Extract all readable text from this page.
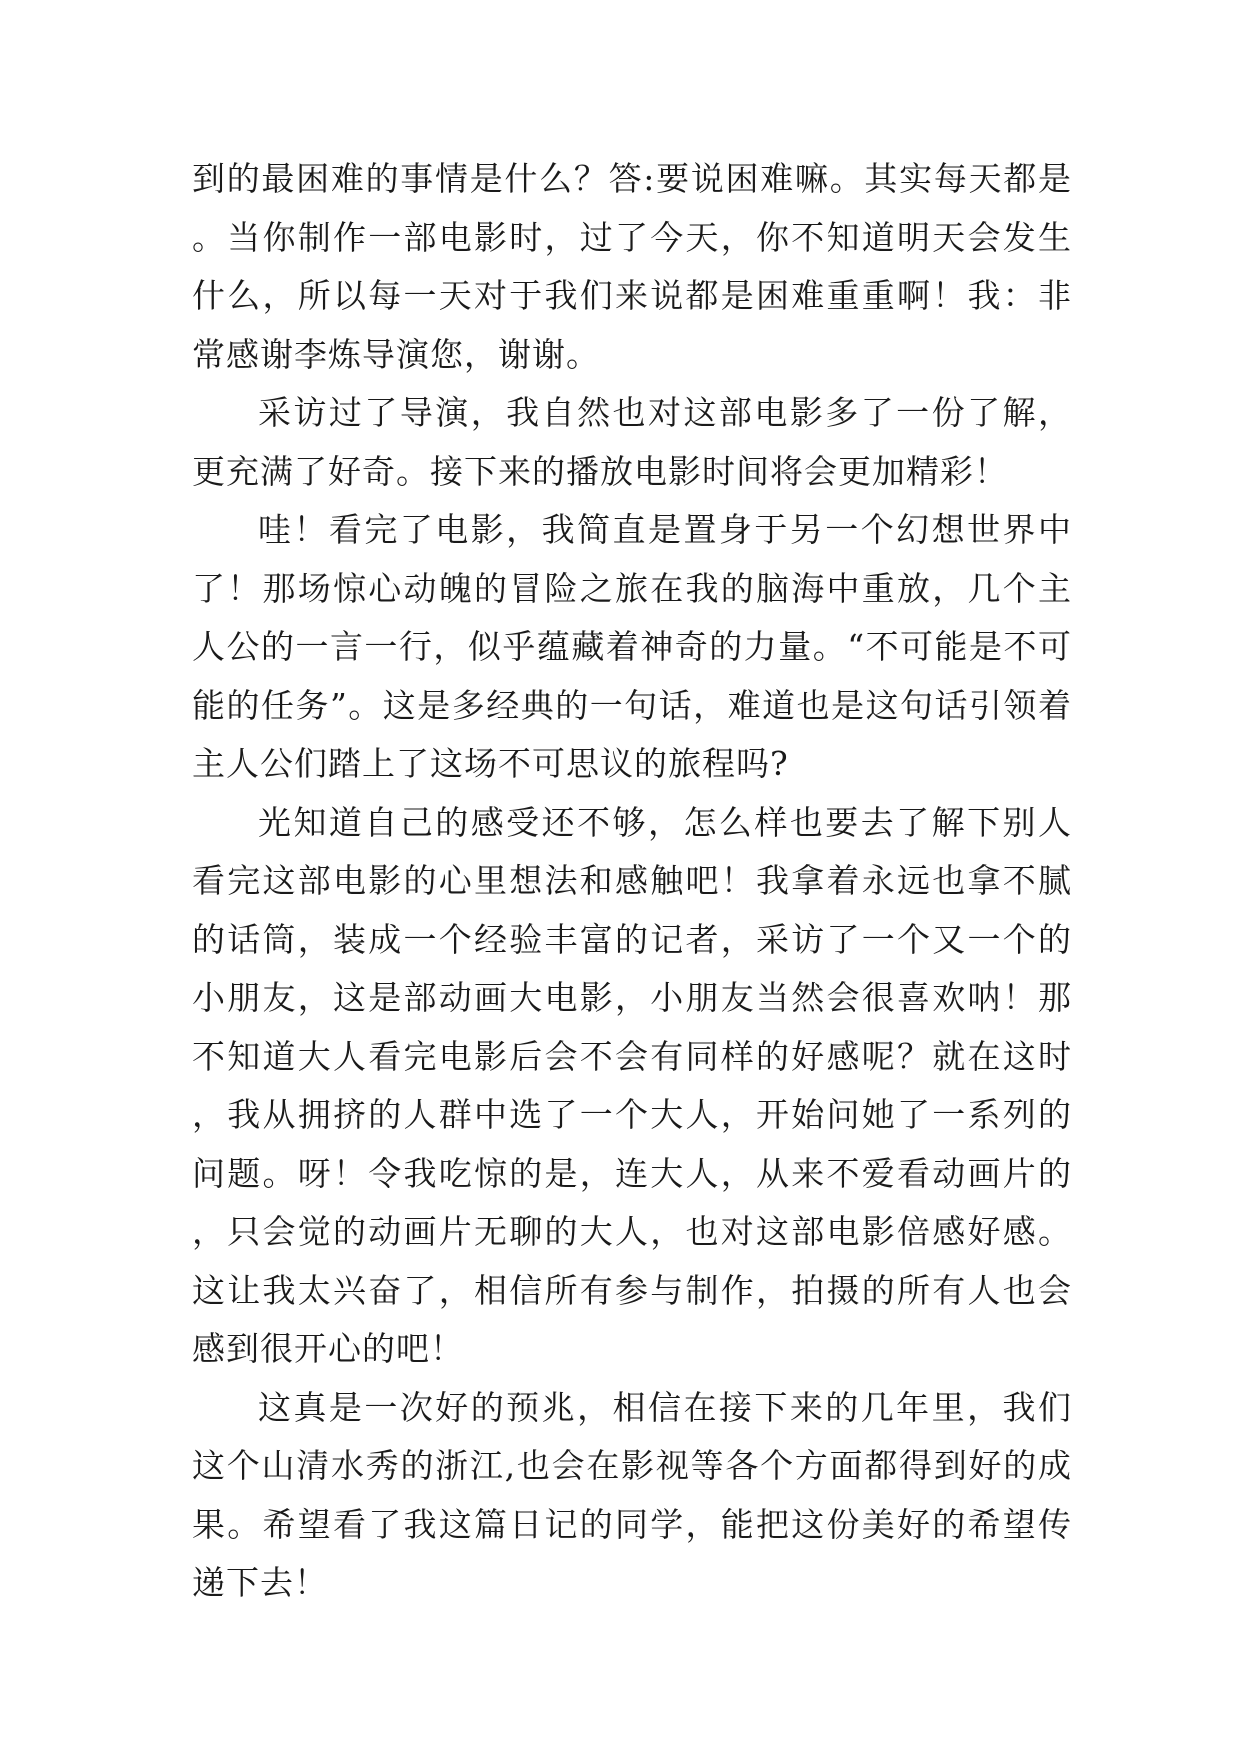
到的最困难的事情是什么？答:要说困难嘛。其实每天都是。当你制作一部电影时，过了今天，你不知道明天会发生什么，所以每一天对于我们来说都是困难重重啊！我：非常感谢李炼导演您，谢谢。

采访过了导演，我自然也对这部电影多了一份了解，更充满了好奇。接下来的播放电影时间将会更加精彩！

哇！看完了电影，我简直是置身于另一个幻想世界中了！那场惊心动魄的冒险之旅在我的脑海中重放，几个主人公的一言一行，似乎蕴藏着神奇的力量。“不可能是不可能的任务”。这是多经典的一句话，难道也是这句话引领着主人公们踏上了这场不可思议的旅程吗?

光知道自己的感受还不够，怎么样也要去了解下别人看完这部电影的心里想法和感触吧！我拿着永远也拿不腻的话筒，装成一个经验丰富的记者，采访了一个又一个的小朋友，这是部动画大电影，小朋友当然会很喜欢呐！那不知道大人看完电影后会不会有同样的好感呢？就在这时，我从拥挤的人群中选了一个大人，开始问她了一系列的问题。呀！令我吃惊的是，连大人，从来不爱看动画片的，只会觉的动画片无聊的大人，也对这部电影倍感好感。这让我太兴奋了，相信所有参与制作，拍摄的所有人也会感到很开心的吧！

这真是一次好的预兆，相信在接下来的几年里，我们这个山清水秀的浙江,也会在影视等各个方面都得到好的成果。希望看了我这篇日记的同学，能把这份美好的希望传递下去！
